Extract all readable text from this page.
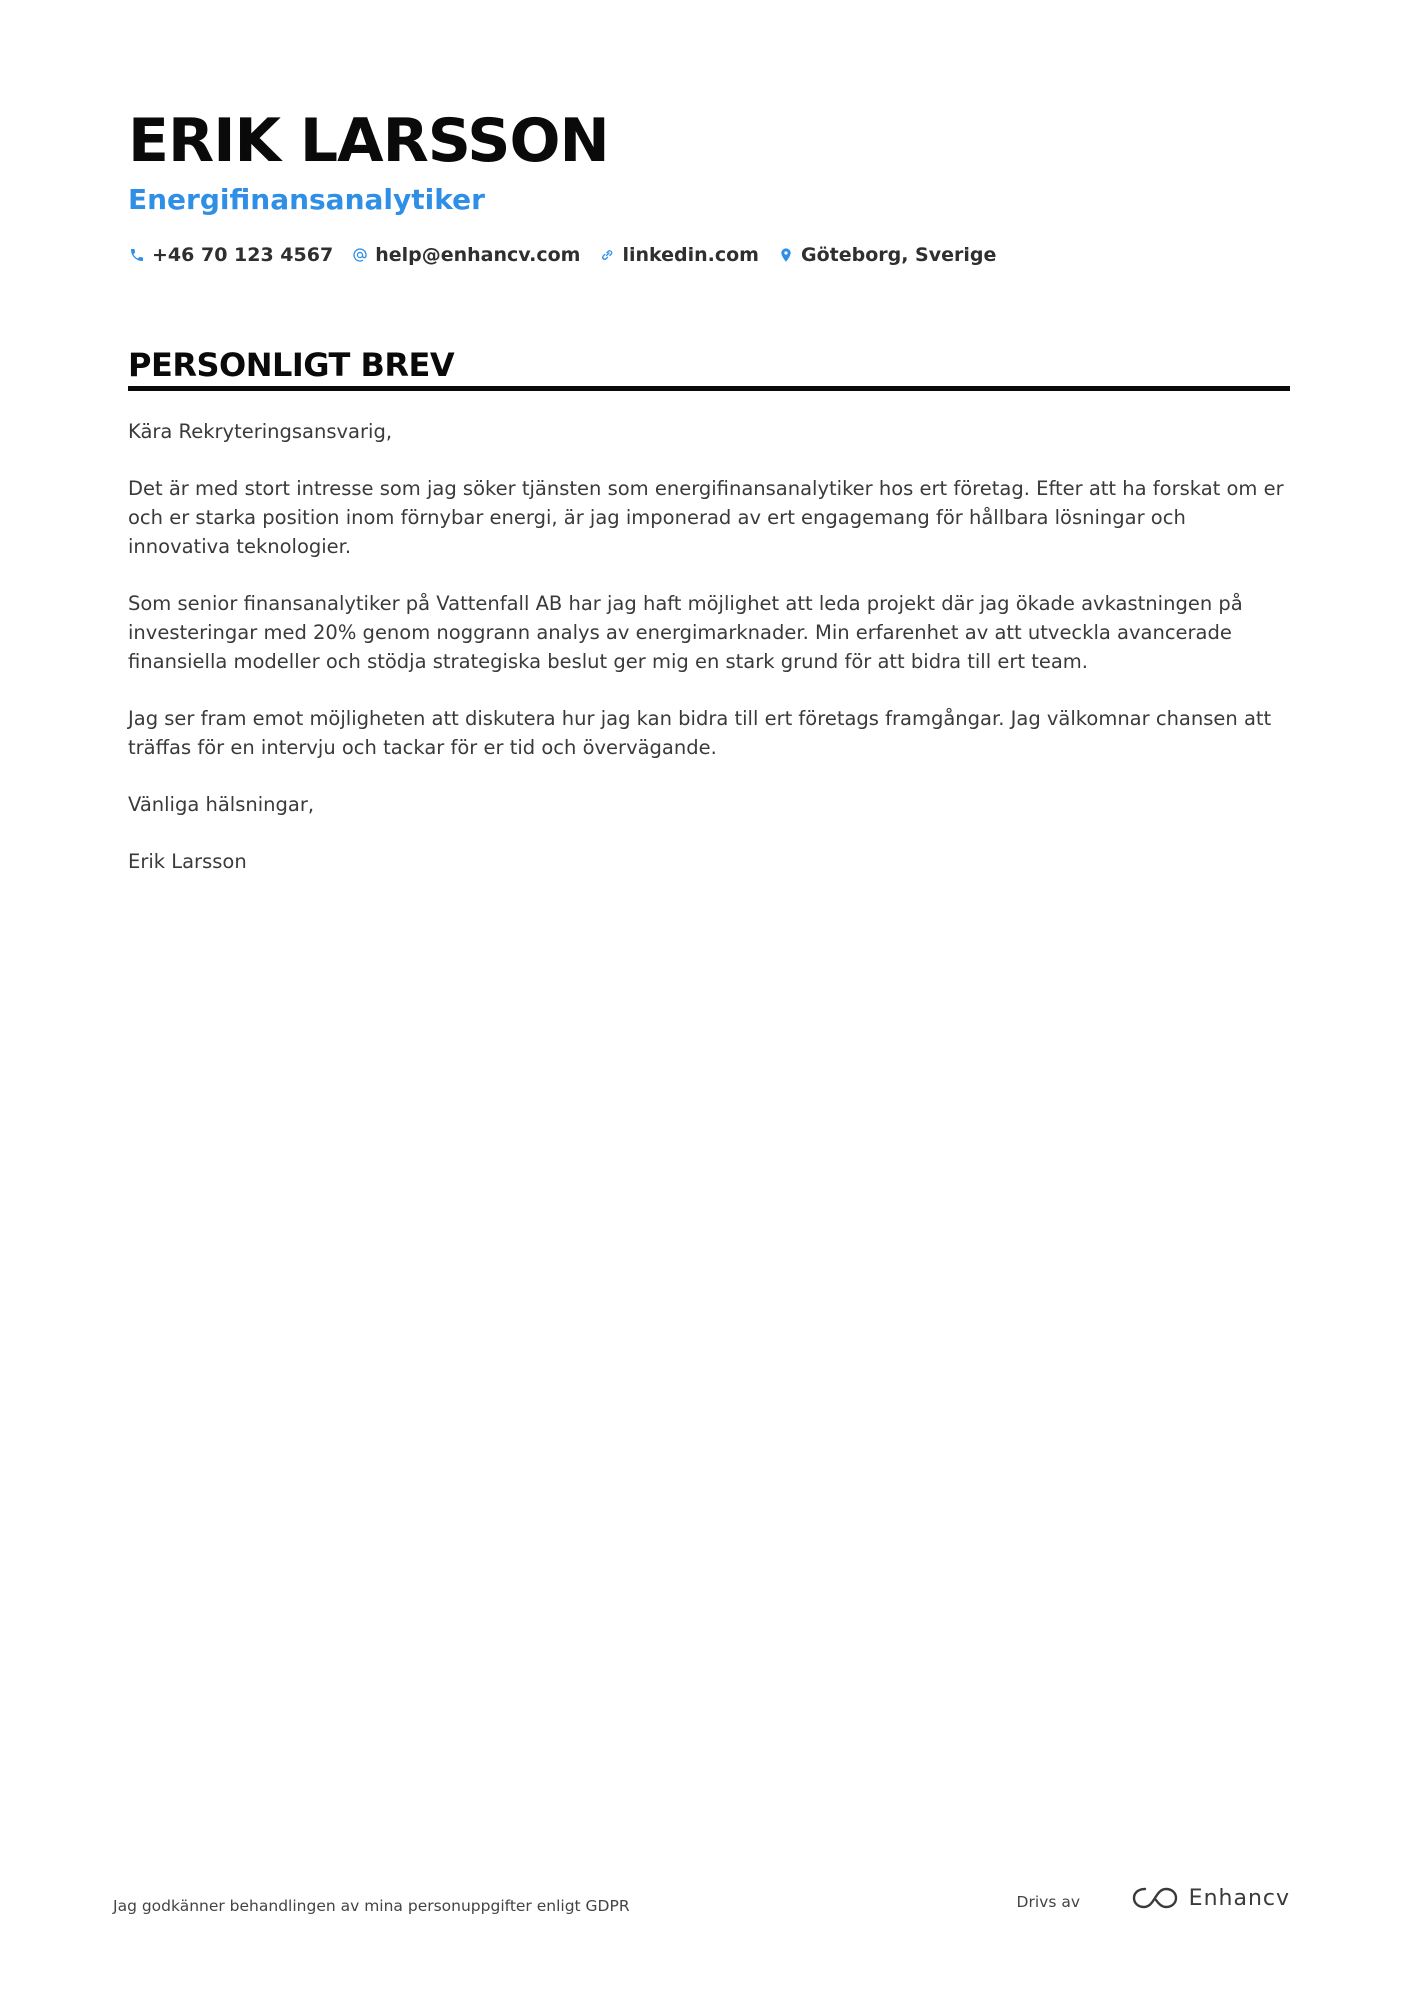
ERIK LARSSON
Energifinansanalytiker
+46 70 123 4567 help@enhancv.com linkedin.com Göteborg, Sverige
PERSONLIGT BREV

Kära Rekryteringsansvarig,

Det är med stort intresse som jag söker tjänsten som energifinansanalytiker hos ert företag. Efter att ha forskat om er och er starka position inom förnybar energi, är jag imponerad av ert engagemang för hållbara lösningar och innovativa teknologier.

Som senior finansanalytiker på Vattenfall AB har jag haft möjlighet att leda projekt där jag ökade avkastningen på investeringar med 20% genom noggrann analys av energimarknader. Min erfarenhet av att utveckla avancerade finansiella modeller och stödja strategiska beslut ger mig en stark grund för att bidra till ert team.

Jag ser fram emot möjligheten att diskutera hur jag kan bidra till ert företags framgångar. Jag välkomnar chansen att träffas för en intervju och tackar för er tid och övervägande.

Vänliga hälsningar,

Erik Larsson

Jag godkänner behandlingen av mina personuppgifter enligt GDPR	Drivs av	Enhancv
